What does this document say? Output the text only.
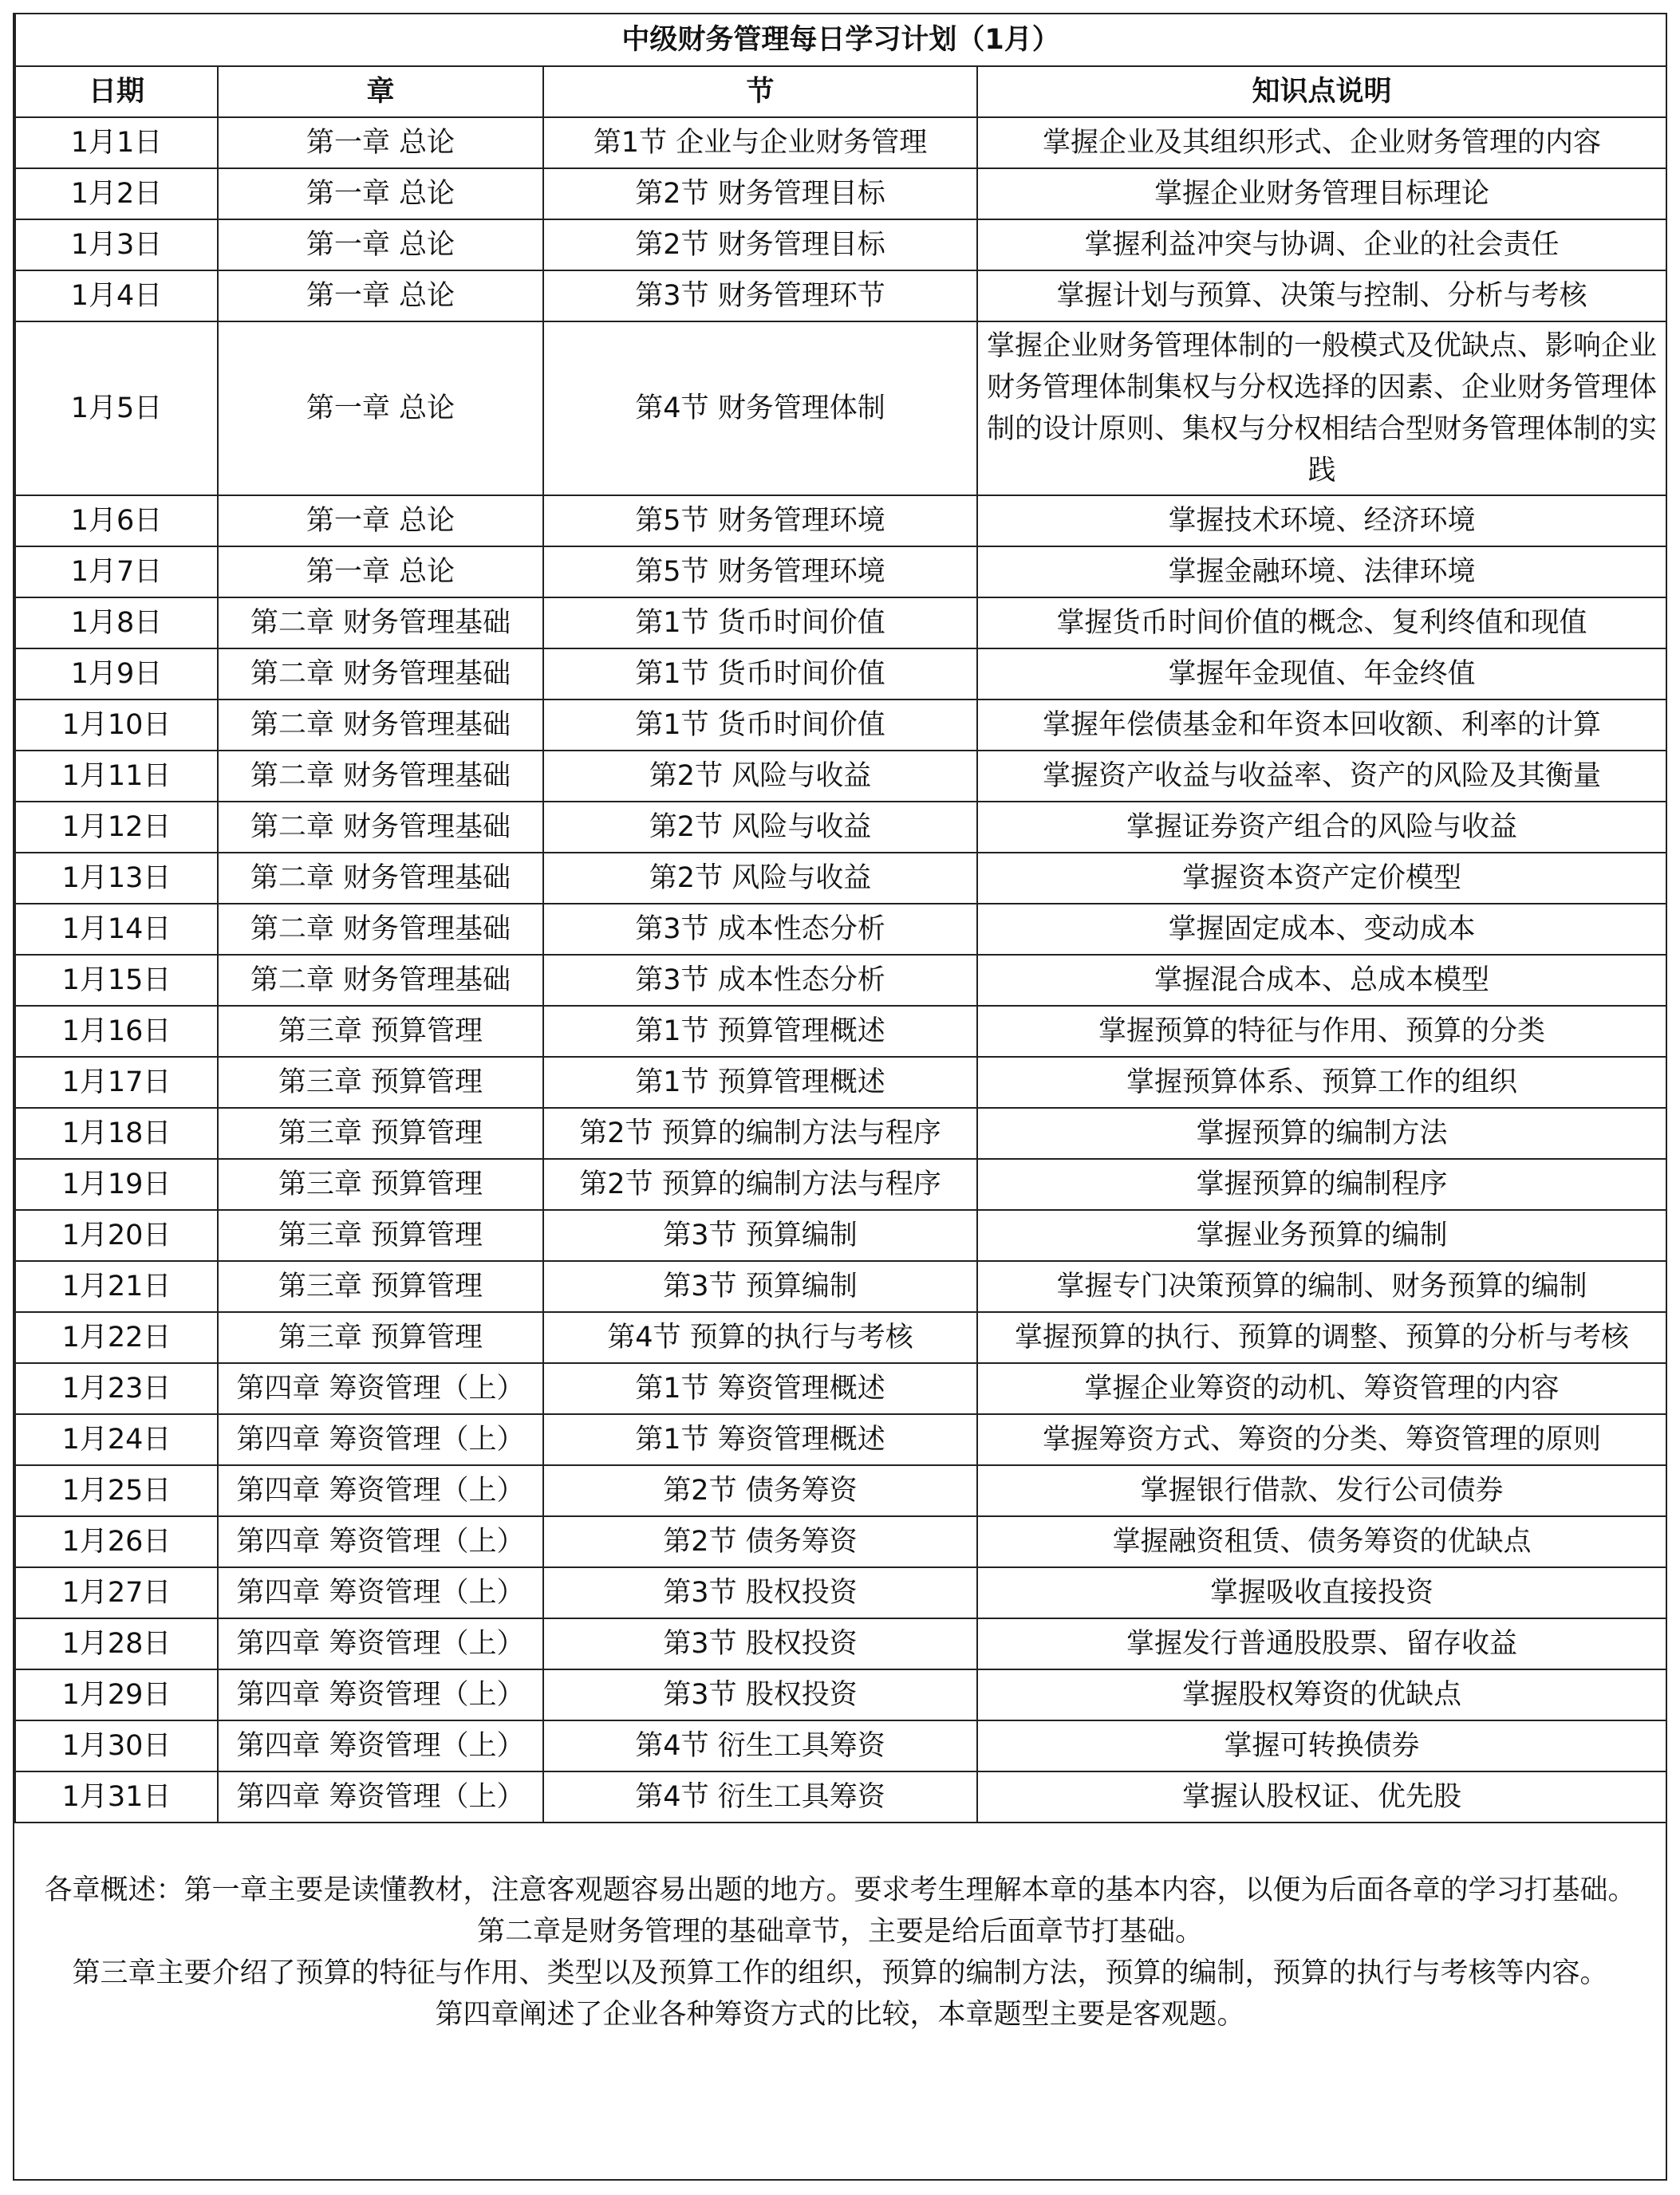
中级财务管理每日学习计划（1月）			
日期	章	节	知识点说明
1月1日	第一章 总论	第1节 企业与企业财务管理	掌握企业及其组织形式、企业财务管理的内容
1月2日	第一章 总论	第2节 财务管理目标	掌握企业财务管理目标理论
1月3日	第一章 总论	第2节 财务管理目标	掌握利益冲突与协调、企业的社会责任
1月4日	第一章 总论	第3节 财务管理环节	掌握计划与预算、决策与控制、分析与考核
1月5日	第一章 总论	第4节 财务管理体制	掌握企业财务管理体制的一般模式及优缺点、影响企业财务管理体制集权与分权选择的因素、企业财务管理体制的设计原则、集权与分权相结合型财务管理体制的实践
1月6日	第一章 总论	第5节 财务管理环境	掌握技术环境、经济环境
1月7日	第一章 总论	第5节 财务管理环境	掌握金融环境、法律环境
1月8日	第二章 财务管理基础	第1节 货币时间价值	掌握货币时间价值的概念、复利终值和现值
1月9日	第二章 财务管理基础	第1节 货币时间价值	掌握年金现值、年金终值
1月10日	第二章 财务管理基础	第1节 货币时间价值	掌握年偿债基金和年资本回收额、利率的计算
1月11日	第二章 财务管理基础	第2节 风险与收益	掌握资产收益与收益率、资产的风险及其衡量
1月12日	第二章 财务管理基础	第2节 风险与收益	掌握证券资产组合的风险与收益
1月13日	第二章 财务管理基础	第2节 风险与收益	掌握资本资产定价模型
1月14日	第二章 财务管理基础	第3节 成本性态分析	掌握固定成本、变动成本
1月15日	第二章 财务管理基础	第3节 成本性态分析	掌握混合成本、总成本模型
1月16日	第三章 预算管理	第1节 预算管理概述	掌握预算的特征与作用、预算的分类
1月17日	第三章 预算管理	第1节 预算管理概述	掌握预算体系、预算工作的组织
1月18日	第三章 预算管理	第2节 预算的编制方法与程序	掌握预算的编制方法
1月19日	第三章 预算管理	第2节 预算的编制方法与程序	掌握预算的编制程序
1月20日	第三章 预算管理	第3节 预算编制	掌握业务预算的编制
1月21日	第三章 预算管理	第3节 预算编制	掌握专门决策预算的编制、财务预算的编制
1月22日	第三章 预算管理	第4节 预算的执行与考核	掌握预算的执行、预算的调整、预算的分析与考核
1月23日	第四章 筹资管理（上）	第1节 筹资管理概述	掌握企业筹资的动机、筹资管理的内容
1月24日	第四章 筹资管理（上）	第1节 筹资管理概述	掌握筹资方式、筹资的分类、筹资管理的原则
1月25日	第四章 筹资管理（上）	第2节 债务筹资	掌握银行借款、发行公司债券
1月26日	第四章 筹资管理（上）	第2节 债务筹资	掌握融资租赁、债务筹资的优缺点
1月27日	第四章 筹资管理（上）	第3节 股权投资	掌握吸收直接投资
1月28日	第四章 筹资管理（上）	第3节 股权投资	掌握发行普通股股票、留存收益
1月29日	第四章 筹资管理（上）	第3节 股权投资	掌握股权筹资的优缺点
1月30日	第四章 筹资管理（上）	第4节 衍生工具筹资	掌握可转换债券
1月31日	第四章 筹资管理（上）	第4节 衍生工具筹资	掌握认股权证、优先股

各章概述：第一章主要是读懂教材，注意客观题容易出题的地方。要求考生理解本章的基本内容，以便为后面各章的学习打基础。

第二章是财务管理的基础章节，主要是给后面章节打基础。

第三章主要介绍了预算的特征与作用、类型以及预算工作的组织，预算的编制方法，预算的编制，预算的执行与考核等内容。

第四章阐述了企业各种筹资方式的比较，本章题型主要是客观题。
